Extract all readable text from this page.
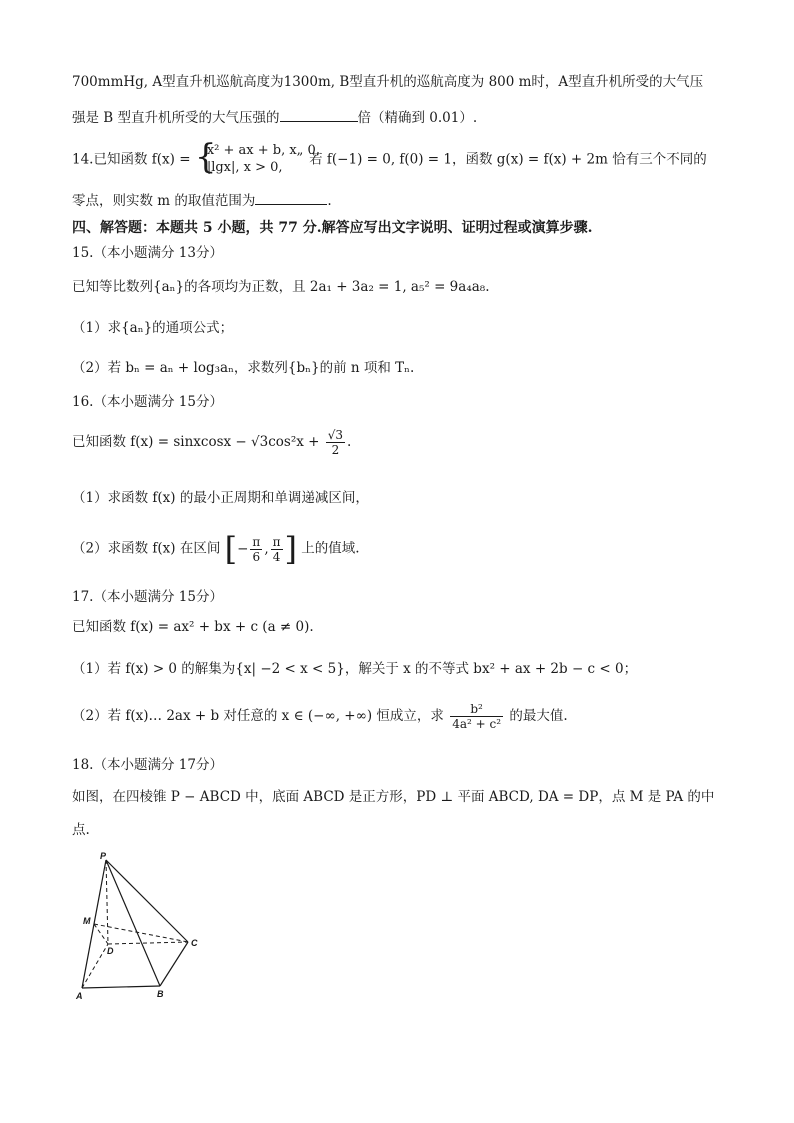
700mmHg, A型直升机巡航高度为1300m, B型直升机的巡航高度为 800 m时，A型直升机所受的大气压
强是 B 型直升机所受的大气压强的	倍（精确到 0.01）.
14.已知函数 f(x) = {
x² + ax + b, x„ 0,
|lgx|, x > 0, 若 f(−1) = 0, f(0) = 1，函数 g(x) = f(x) + 2m 恰有三个不同的
零点，则实数 m 的取值范围为	.
四、解答题：本题共 5 小题，共 77 分.解答应写出文字说明、证明过程或演算步骤.
15.（本小题满分 13分）
已知等比数列{aₙ}的各项均为正数，且 2a₁ + 3a₂ = 1, a₅² = 9a₄a₈.
（1）求{aₙ}的通项公式；
（2）若 bₙ = aₙ + log₃aₙ，求数列{bₙ}的前 n 项和 Tₙ.
16.（本小题满分 15分）
已知函数 f(x) = sinxcosx − $√3\cos^2x + \frac{√3}{2}$ .
（1）求函数 f(x) 的最小正周期和单调递减区间，
（2）求函数 f(x) 在区间 [− $\frac{\pi}{6}$ , $\frac{\pi}{4}$ ] 上的值域.
17.（本小题满分 15分）
已知函数 f(x) = ax² + bx + c (a ≠ 0).
（1）若 f(x) > 0 的解集为{x| −2 < x < 5}，解关于 x 的不等式 bx² + ax + 2b − c < 0；
（2）若 f(x)… 2ax + b 对任意的 x ∈ (−∞, +∞) 恒成立，求 $\frac{\text{b²}}{\text{4a² + c²}}$ 的最大值.
18.（本小题满分 17分）
如图，在四棱锥 P − ABCD 中，底面 ABCD 是正方形，PD ⊥ 平面 ABCD, DA = DP，点 M 是 PA 的中
点.
P
M
D
C
A	B
